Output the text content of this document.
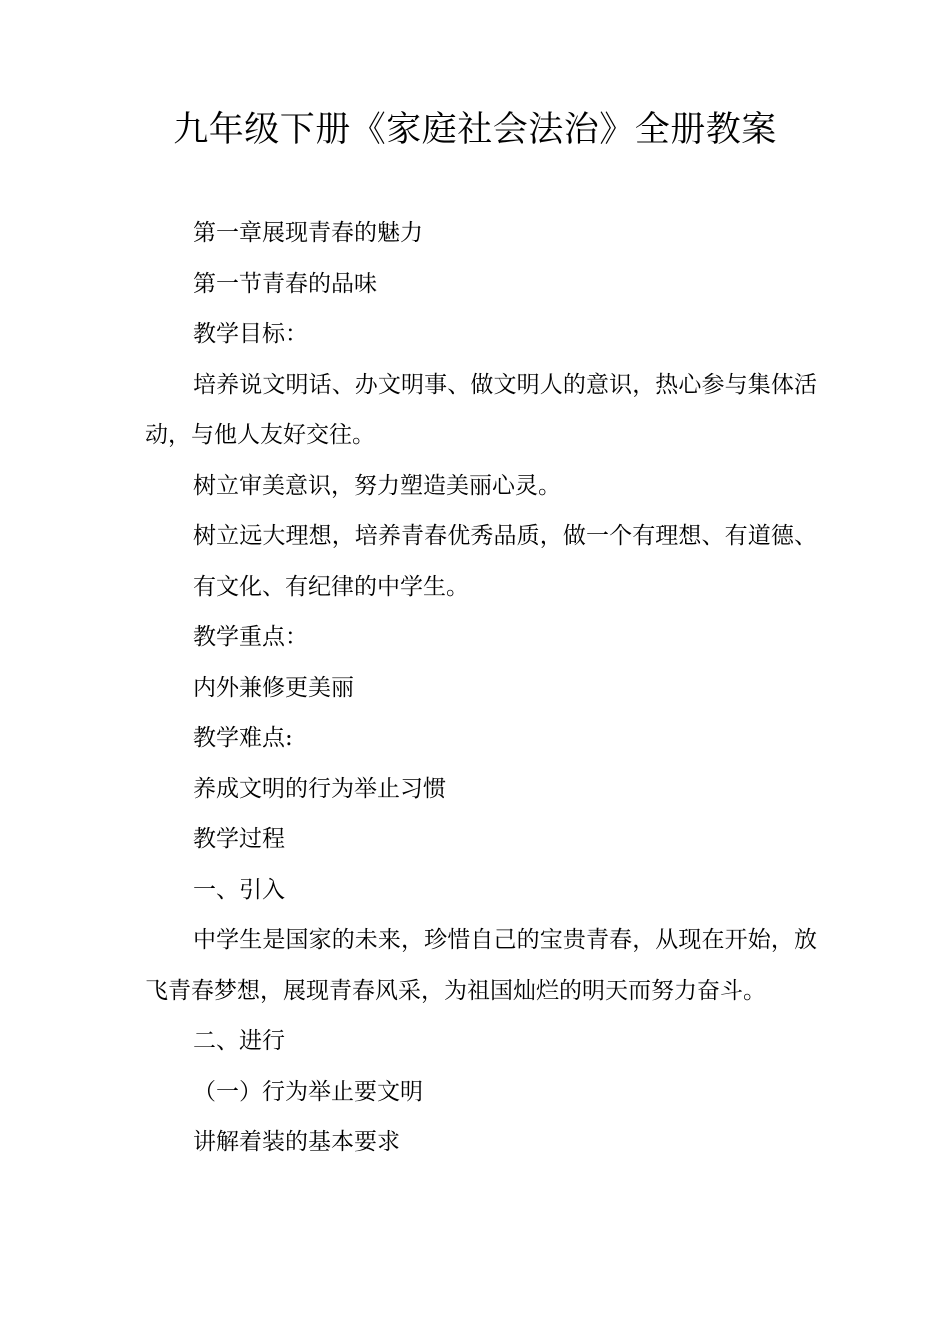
九年级下册《家庭社会法治》全册教案

第一章展现青春的魅力

第一节青春的品味

教学目标：

培养说文明话、办文明事、做文明人的意识，热心参与集体活动，与他人友好交往。

树立审美意识，努力塑造美丽心灵。

树立远大理想，培养青春优秀品质，做一个有理想、有道德、

有文化、有纪律的中学生。

教学重点：

内外兼修更美丽

教学难点:

养成文明的行为举止习惯

教学过程

一、引入

中学生是国家的未来，珍惜自己的宝贵青春，从现在开始，放飞青春梦想，展现青春风采，为祖国灿烂的明天而努力奋斗。

二、进行

（一）行为举止要文明

讲解着装的基本要求
